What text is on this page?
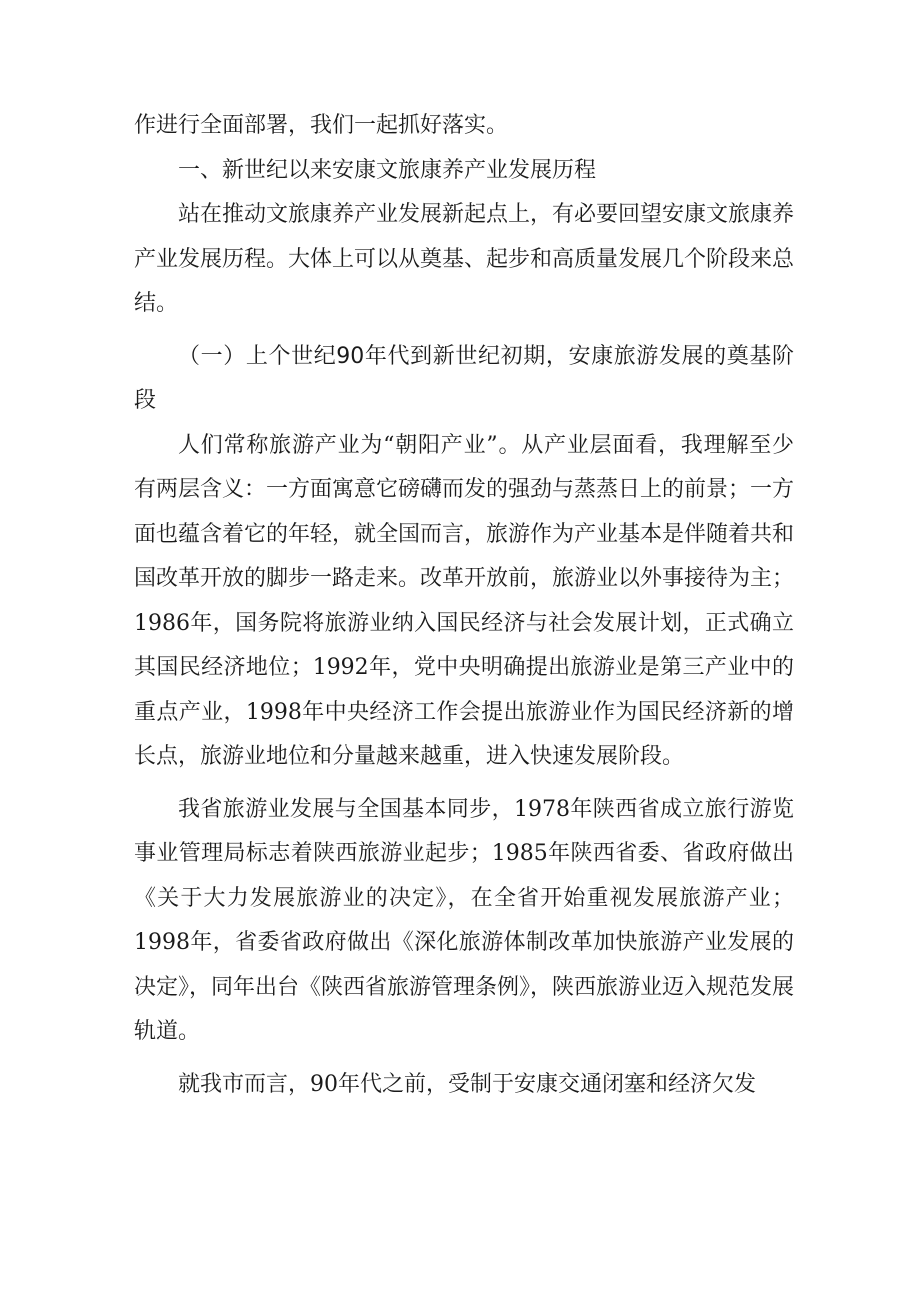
作进行全面部署，我们一起抓好落实。

一、新世纪以来安康文旅康养产业发展历程

站在推动文旅康养产业发展新起点上，有必要回望安康文旅康养产业发展历程。大体上可以从奠基、起步和高质量发展几个阶段来总结。

（一）上个世纪90年代到新世纪初期，安康旅游发展的奠基阶段

人们常称旅游产业为“朝阳产业”。从产业层面看，我理解至少有两层含义：一方面寓意它磅礴而发的强劲与蒸蒸日上的前景；一方面也蕴含着它的年轻，就全国而言，旅游作为产业基本是伴随着共和国改革开放的脚步一路走来。改革开放前，旅游业以外事接待为主；1986年，国务院将旅游业纳入国民经济与社会发展计划，正式确立其国民经济地位；1992年，党中央明确提出旅游业是第三产业中的重点产业，1998年中央经济工作会提出旅游业作为国民经济新的增长点，旅游业地位和分量越来越重，进入快速发展阶段。

我省旅游业发展与全国基本同步，1978年陕西省成立旅行游览事业管理局标志着陕西旅游业起步；1985年陕西省委、省政府做出《关于大力发展旅游业的决定》，在全省开始重视发展旅游产业；1998年，省委省政府做出《深化旅游体制改革加快旅游产业发展的决定》，同年出台《陕西省旅游管理条例》，陕西旅游业迈入规范发展轨道。

就我市而言，90年代之前，受制于安康交通闭塞和经济欠发
